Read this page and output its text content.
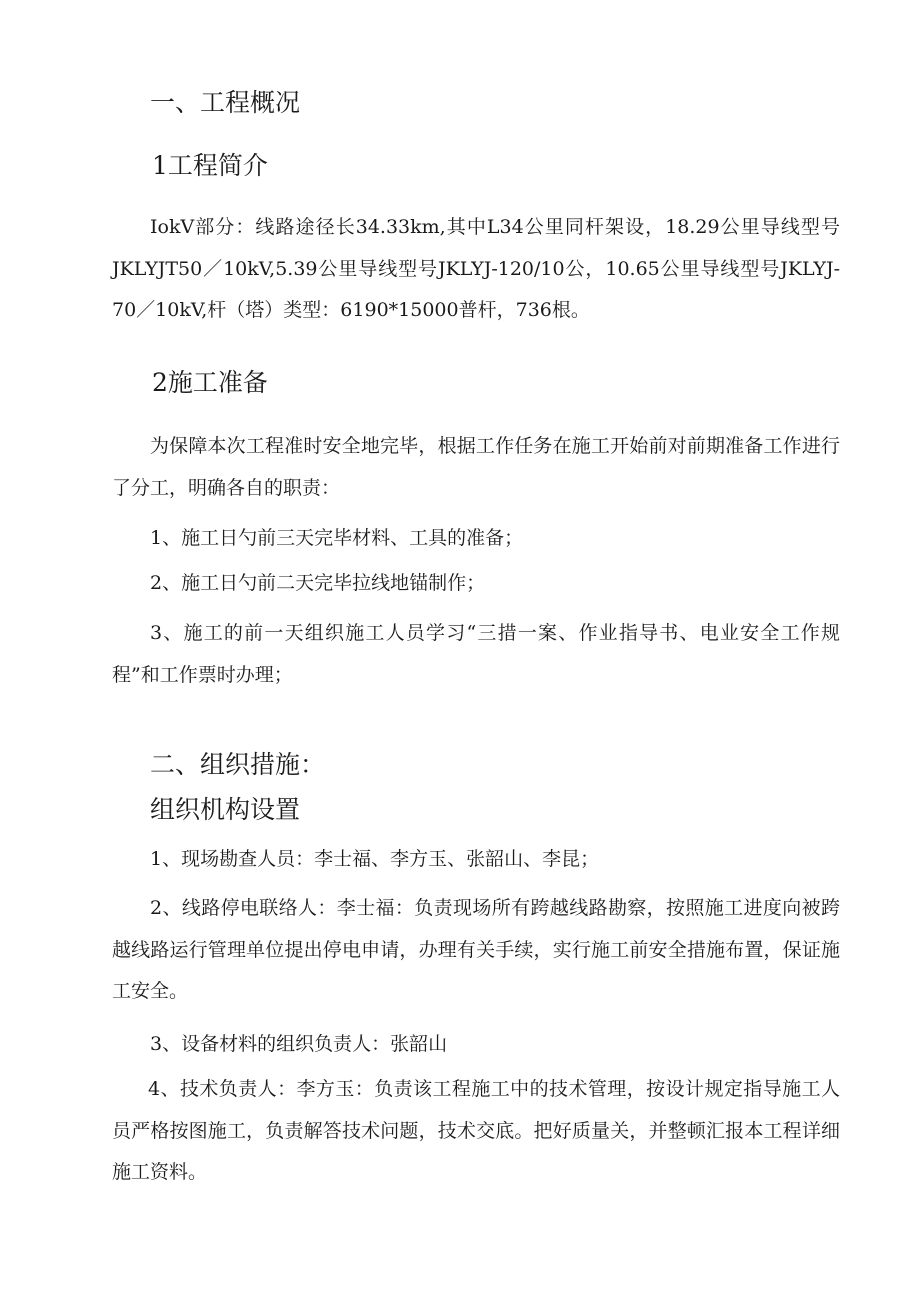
一、工程概况
1工程简介
IokV部分：线路途径长34.33km,其中L34公里同杆架设，18.29公里导线型号JKLYJT50／10kV,5.39公里导线型号JKLYJ-120/10公，10.65公里导线型号JKLYJ-70／10kV,杆（塔）类型：6190*15000普杆，736根。
2施工准备
为保障本次工程准时安全地完毕，根据工作任务在施工开始前对前期准备工作进行了分工，明确各自的职责：
1、施工日勺前三天完毕材料、工具的准备；
2、施工日勺前二天完毕拉线地锚制作；
3、施工的前一天组织施工人员学习“三措一案、作业指导书、电业安全工作规程”和工作票时办理；
二、组织措施：
组织机构设置
1、现场勘查人员：李士福、李方玉、张韶山、李昆；
2、线路停电联络人：李士福：负责现场所有跨越线路勘察，按照施工进度向被跨越线路运行管理单位提出停电申请，办理有关手续，实行施工前安全措施布置，保证施工安全。
3、设备材料的组织负责人：张韶山
4、技术负责人：李方玉：负责该工程施工中的技术管理，按设计规定指导施工人员严格按图施工，负责解答技术问题，技术交底。把好质量关，并整顿汇报本工程详细施工资料。
